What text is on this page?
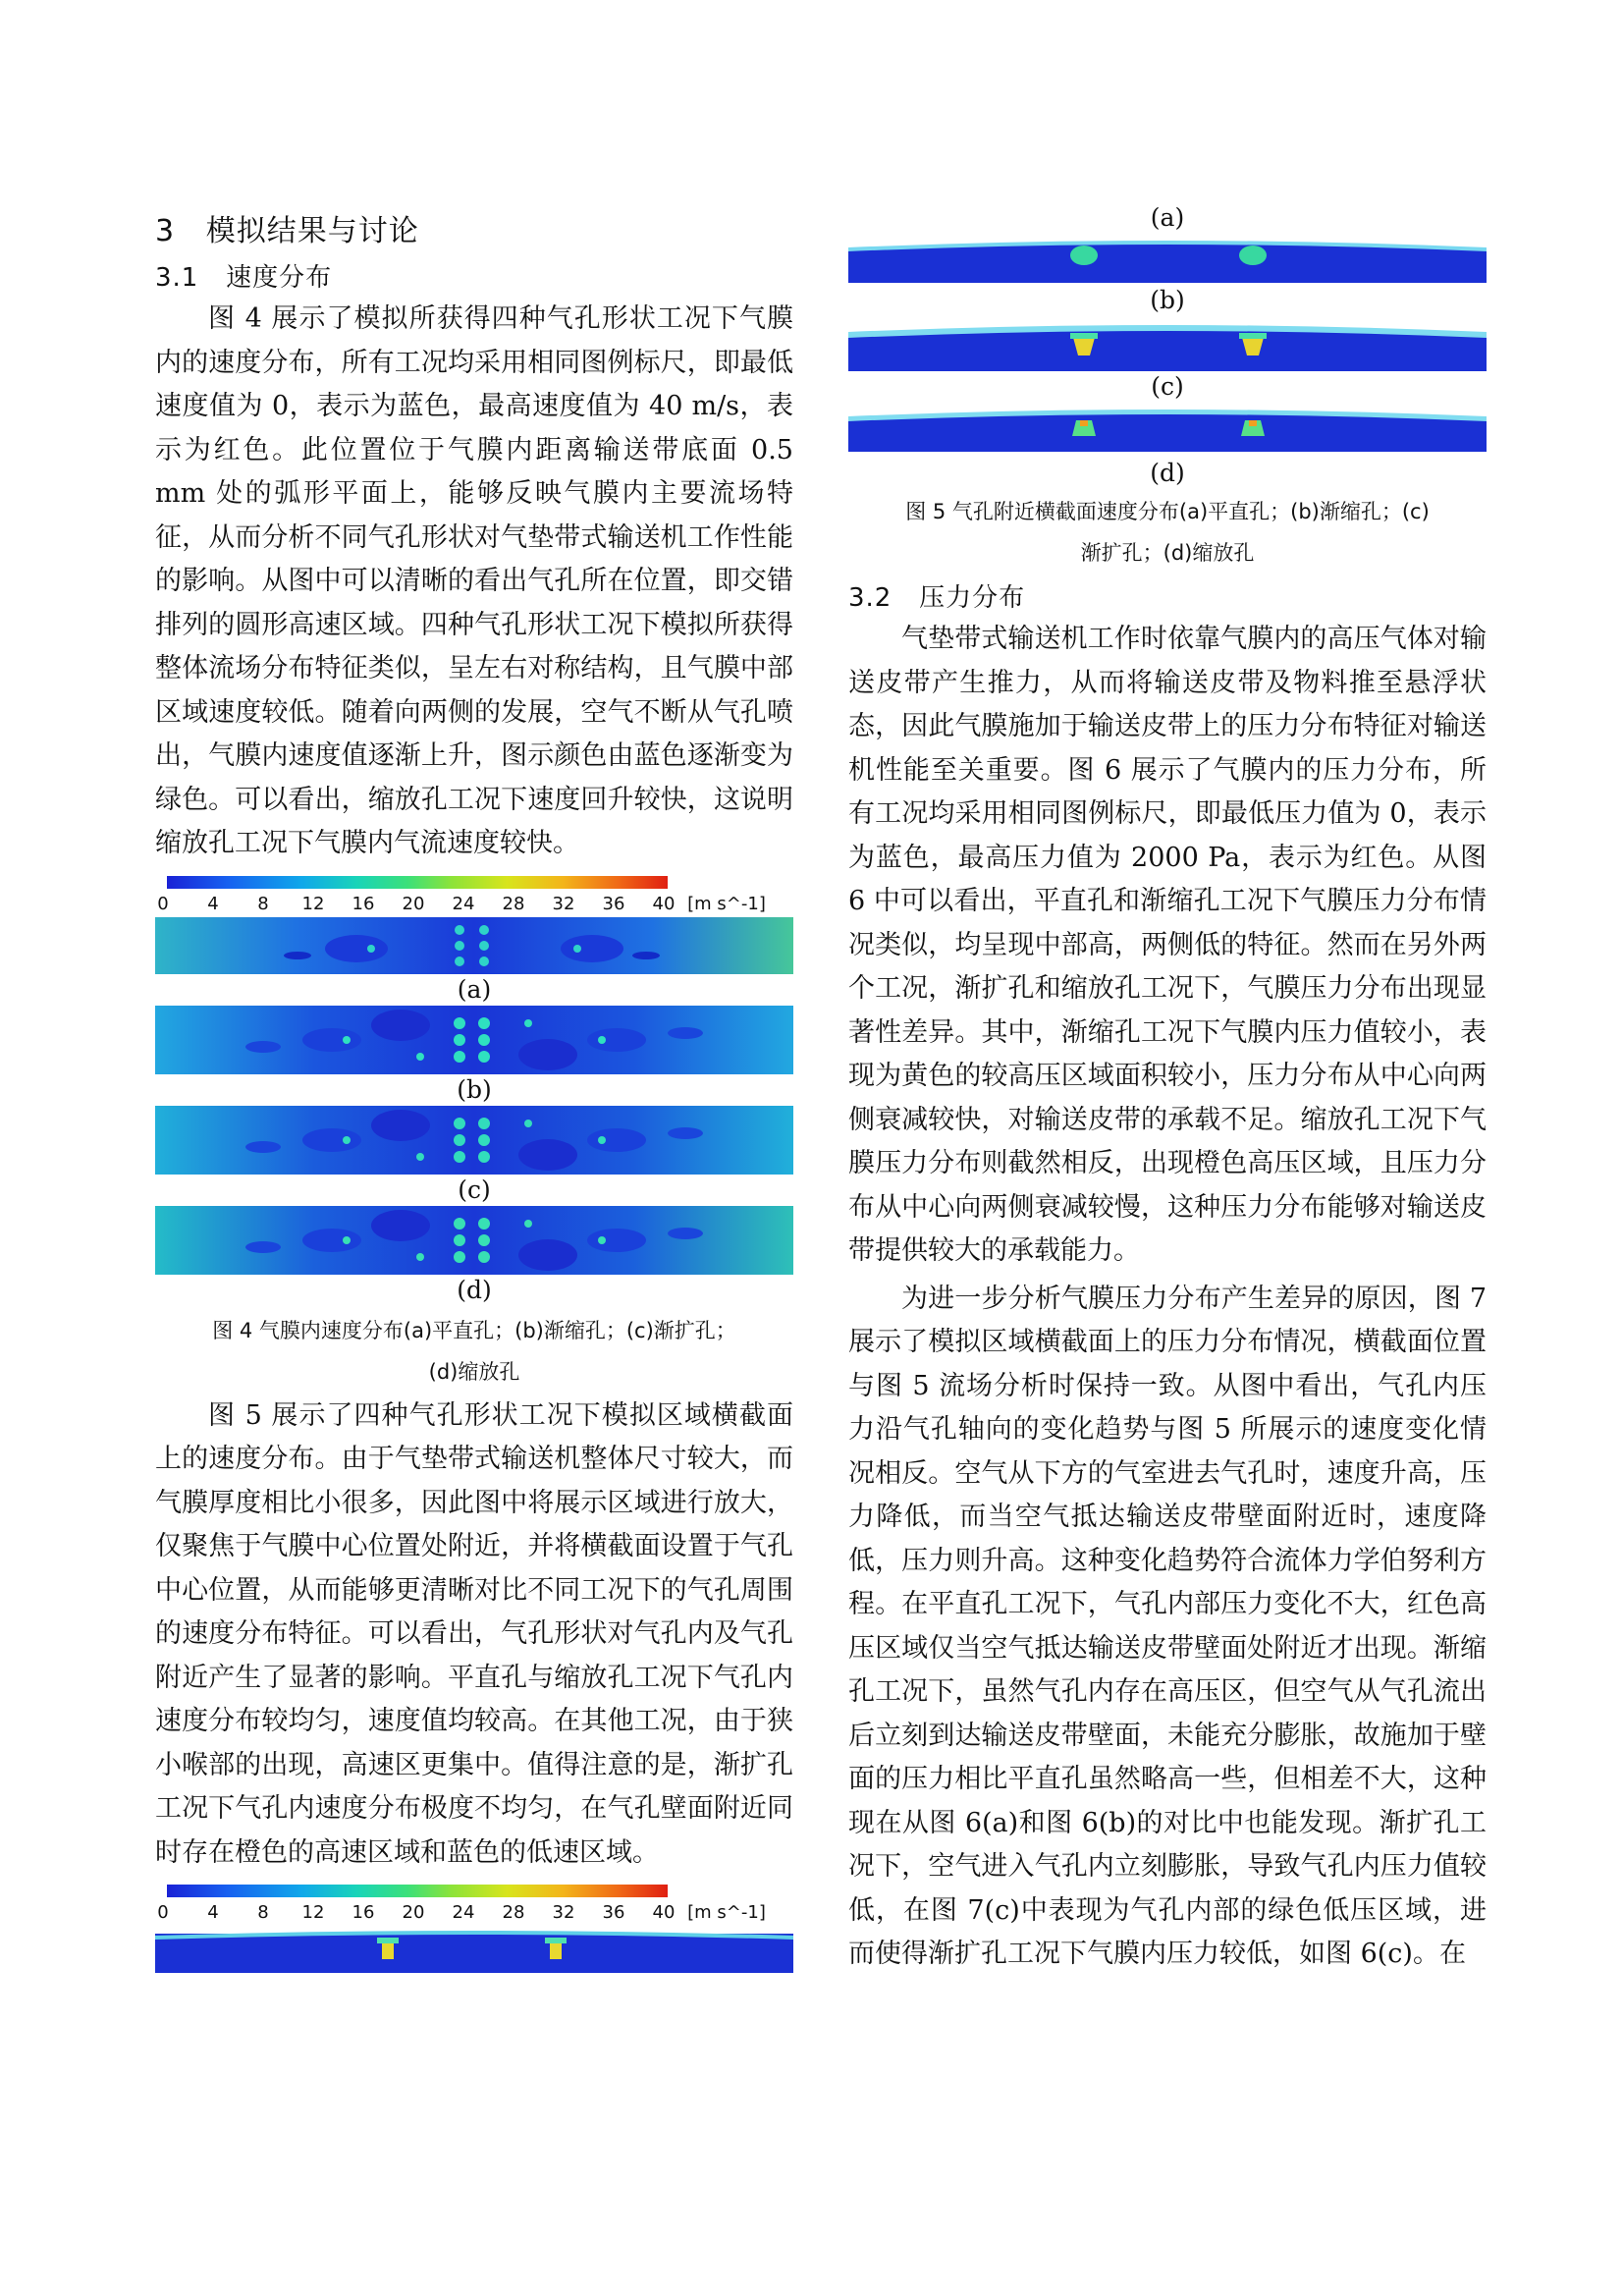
3 模拟结果与讨论
3.1 速度分布

图 4 展示了模拟所获得四种气孔形状工况下气膜内的速度分布，所有工况均采用相同图例标尺，即最低速度值为 0，表示为蓝色，最高速度值为 40 m/s，表示为红色。此位置位于气膜内距离输送带底面 0.5 mm 处的弧形平面上，能够反映气膜内主要流场特征，从而分析不同气孔形状对气垫带式输送机工作性能的影响。从图中可以清晰的看出气孔所在位置，即交错排列的圆形高速区域。四种气孔形状工况下模拟所获得整体流场分布特征类似，呈左右对称结构，且气膜中部区域速度较低。随着向两侧的发展，空气不断从气孔喷出，气膜内速度值逐渐上升，图示颜色由蓝色逐渐变为绿色。可以看出，缩放孔工况下速度回升较快，这说明缩放孔工况下气膜内气流速度较快。

0 4 8 12 16 20 24 28 32 36 40 [m s^-1]
(a)
(b)
(c)
(d)

图 4 气膜内速度分布(a)平直孔；(b)渐缩孔；(c)渐扩孔；

(d)缩放孔

图 5 展示了四种气孔形状工况下模拟区域横截面上的速度分布。由于气垫带式输送机整体尺寸较大，而气膜厚度相比小很多，因此图中将展示区域进行放大，仅聚焦于气膜中心位置处附近，并将横截面设置于气孔中心位置，从而能够更清晰对比不同工况下的气孔周围的速度分布特征。可以看出，气孔形状对气孔内及气孔附近产生了显著的影响。平直孔与缩放孔工况下气孔内速度分布较均匀，速度值均较高。在其他工况，由于狭小喉部的出现，高速区更集中。值得注意的是，渐扩孔工况下气孔内速度分布极度不均匀，在气孔壁面附近同时存在橙色的高速区域和蓝色的低速区域。

0 4 8 12 16 20 24 28 32 36 40 [m s^-1]
(a)
(b)
(c)
(d)

图 5 气孔附近横截面速度分布(a)平直孔；(b)渐缩孔；(c)

渐扩孔；(d)缩放孔

3.2 压力分布

气垫带式输送机工作时依靠气膜内的高压气体对输送皮带产生推力，从而将输送皮带及物料推至悬浮状态，因此气膜施加于输送皮带上的压力分布特征对输送机性能至关重要。图 6 展示了气膜内的压力分布，所有工况均采用相同图例标尺，即最低压力值为 0，表示为蓝色，最高压力值为 2000 Pa，表示为红色。从图 6 中可以看出，平直孔和渐缩孔工况下气膜压力分布情况类似，均呈现中部高，两侧低的特征。然而在另外两个工况，渐扩孔和缩放孔工况下，气膜压力分布出现显著性差异。其中，渐缩孔工况下气膜内压力值较小，表现为黄色的较高压区域面积较小，压力分布从中心向两侧衰减较快，对输送皮带的承载不足。缩放孔工况下气膜压力分布则截然相反，出现橙色高压区域，且压力分布从中心向两侧衰减较慢，这种压力分布能够对输送皮带提供较大的承载能力。

为进一步分析气膜压力分布产生差异的原因，图 7 展示了模拟区域横截面上的压力分布情况，横截面位置与图 5 流场分析时保持一致。从图中看出，气孔内压力沿气孔轴向的变化趋势与图 5 所展示的速度变化情况相反。空气从下方的气室进去气孔时，速度升高，压力降低，而当空气抵达输送皮带壁面附近时，速度降低，压力则升高。这种变化趋势符合流体力学伯努利方程。在平直孔工况下，气孔内部压力变化不大，红色高压区域仅当空气抵达输送皮带壁面处附近才出现。渐缩孔工况下，虽然气孔内存在高压区，但空气从气孔流出后立刻到达输送皮带壁面，未能充分膨胀，故施加于壁面的压力相比平直孔虽然略高一些，但相差不大，这种现在从图 6(a)和图 6(b)的对比中也能发现。渐扩孔工况下，空气进入气孔内立刻膨胀，导致气孔内压力值较低，在图 7(c)中表现为气孔内部的绿色低压区域，进而使得渐扩孔工况下气膜内压力较低，如图 6(c)。在
